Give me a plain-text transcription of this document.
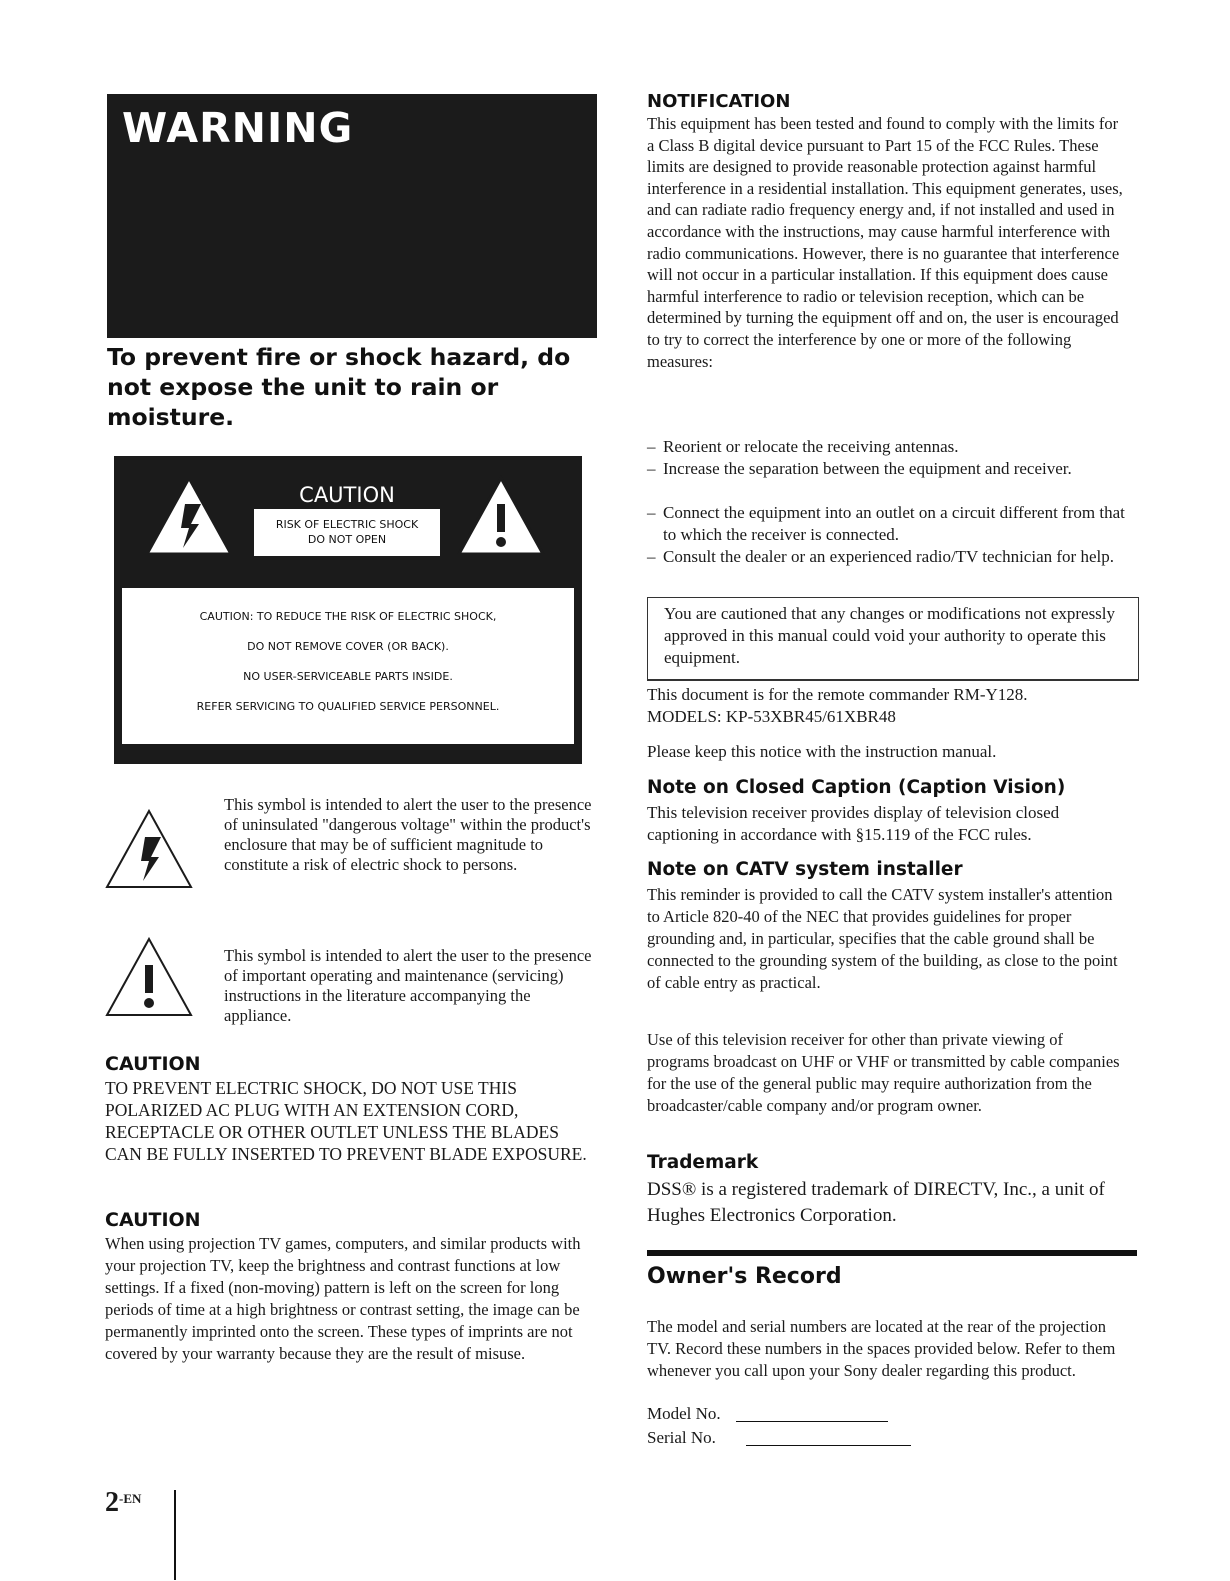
WARNING
To prevent fire or shock hazard, do not expose the unit to rain or moisture.
CAUTION
RISK OF ELECTRIC SHOCK
DO NOT OPEN
CAUTION: TO REDUCE THE RISK OF ELECTRIC SHOCK,
DO NOT REMOVE COVER (OR BACK).
NO USER-SERVICEABLE PARTS INSIDE.
REFER SERVICING TO QUALIFIED SERVICE PERSONNEL.
This symbol is intended to alert the user to the presence of uninsulated "dangerous voltage" within the product's enclosure that may be of sufficient magnitude to constitute a risk of electric shock to persons.
This symbol is intended to alert the user to the presence of important operating and maintenance (servicing) instructions in the literature accompanying the appliance.
CAUTION
TO PREVENT ELECTRIC SHOCK, DO NOT USE THIS POLARIZED AC PLUG WITH AN EXTENSION CORD, RECEPTACLE OR OTHER OUTLET UNLESS THE BLADES CAN BE FULLY INSERTED TO PREVENT BLADE EXPOSURE.
CAUTION
When using projection TV games, computers, and similar products with your projection TV, keep the brightness and contrast functions at low settings. If a fixed (non-moving) pattern is left on the screen for long periods of time at a high brightness or contrast setting, the image can be permanently imprinted onto the screen. These types of imprints are not covered by your warranty because they are the result of misuse.
$2^{-EN}$
NOTIFICATION
This equipment has been tested and found to comply with the limits for a Class B digital device pursuant to Part 15 of the FCC Rules. These limits are designed to provide reasonable protection against harmful interference in a residential installation. This equipment generates, uses, and can radiate radio frequency energy and, if not installed and used in accordance with the instructions, may cause harmful interference with radio communications. However, there is no guarantee that interference will not occur in a particular installation. If this equipment does cause harmful interference to radio or television reception, which can be determined by turning the equipment off and on, the user is encouraged to try to correct the interference by one or more of the following measures:
– Reorient or relocate the receiving antennas.
– Increase the separation between the equipment and receiver.
– Connect the equipment into an outlet on a circuit different from that to which the receiver is connected.
– Consult the dealer or an experienced radio/TV technician for help.
You are cautioned that any changes or modifications not expressly approved in this manual could void your authority to operate this equipment.
This document is for the remote commander RM-Y128.
MODELS: KP-53XBR45/61XBR48
Please keep this notice with the instruction manual.
Note on Closed Caption (Caption Vision)
This television receiver provides display of television closed captioning in accordance with §15.119 of the FCC rules.
Note on CATV system installer
This reminder is provided to call the CATV system installer's attention to Article 820-40 of the NEC that provides guidelines for proper grounding and, in particular, specifies that the cable ground shall be connected to the grounding system of the building, as close to the point of cable entry as practical.
Use of this television receiver for other than private viewing of programs broadcast on UHF or VHF or transmitted by cable companies for the use of the general public may require authorization from the broadcaster/cable company and/or program owner.
Trademark
DSS® is a registered trademark of DIRECTV, Inc., a unit of Hughes Electronics Corporation.
Owner's Record
The model and serial numbers are located at the rear of the projection TV. Record these numbers in the spaces provided below. Refer to them whenever you call upon your Sony dealer regarding this product.
Model No.
Serial No.
